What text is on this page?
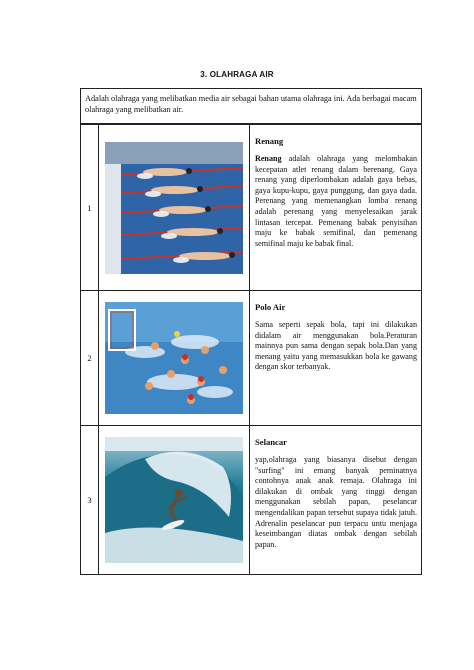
3. OLAHRAGA AIR
Adalah olahraga yang melibatkan media air sebagai bahan utama olahraga ini. Ada berbagai macam olahraga yang melibatkan air.
1		Renang
Renang adalah olahraga yang melombakan kecepatan atlet renang dalam berenang. Gaya renang yang diperlombakan adalah gaya bebas, gaya kupu-kupu, gaya punggung, dan gaya dada. Perenang yang memenangkan lomba renang adalah perenang yang menyelesaikan jarak lintasan tercepat. Pemenang babak penyisihan maju ke babak semifinal, dan pemenang semifinal maju ke babak final.

2		Polo Air
Sama seperti sepak bola, tapi ini dilakukan didalam air menggunakan bola.Peraturan mainnya pun sama dengan sepak bola.Dan yang menang yaitu yang memasukkan bola ke gawang dengan skor terbanyak.

3		Selancar
yap,olahraga yang biasanya disebut dengan "surfing" ini emang banyak peminatnya contohnya anak anak remaja. Olahraga ini dilakukan di ombak yang tinggi dengan menggunakan sebilah papan, peselancar mengendalikan papan tersebut supaya tidak jatuh. Adrenalin peselancar pun terpacu untu menjaga keseimbangan diatas ombak dengan sebilah papan.
